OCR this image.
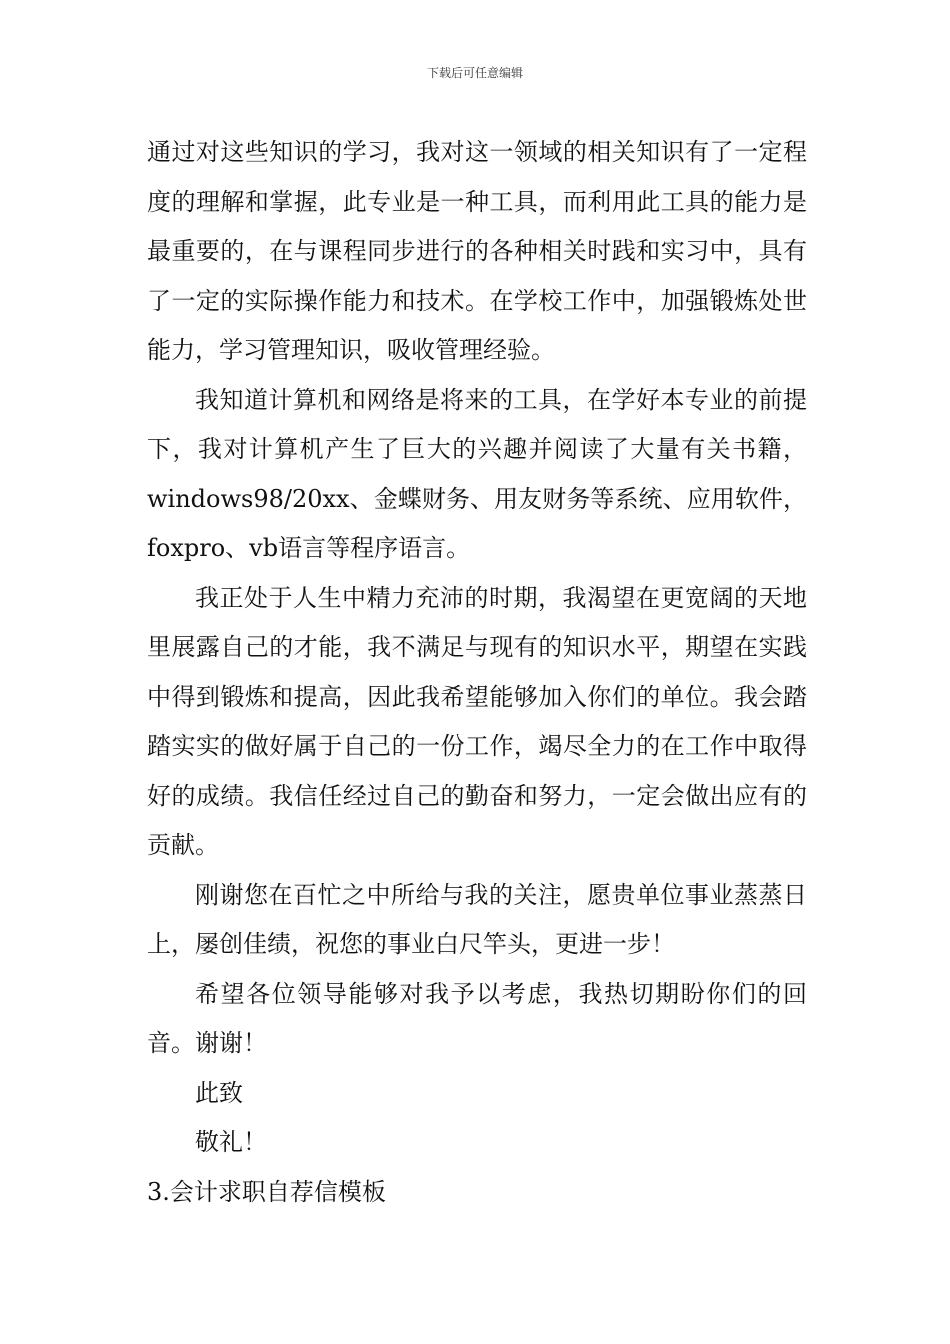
下载后可任意编辑

通过对这些知识的学习，我对这一领域的相关知识有了一定程度的理解和掌握，此专业是一种工具，而利用此工具的能力是最重要的，在与课程同步进行的各种相关时践和实习中，具有了一定的实际操作能力和技术。在学校工作中，加强锻炼处世能力，学习管理知识，吸收管理经验。

我知道计算机和网络是将来的工具，在学好本专业的前提下，我对计算机产生了巨大的兴趣并阅读了大量有关书籍，windows98/20xx、金蝶财务、用友财务等系统、应用软件，foxpro、vb语言等程序语言。

我正处于人生中精力充沛的时期，我渴望在更宽阔的天地里展露自己的才能，我不满足与现有的知识水平，期望在实践中得到锻炼和提高，因此我希望能够加入你们的单位。我会踏踏实实的做好属于自己的一份工作，竭尽全力的在工作中取得好的成绩。我信任经过自己的勤奋和努力，一定会做出应有的贡献。

刚谢您在百忙之中所给与我的关注，愿贵单位事业蒸蒸日上，屡创佳绩，祝您的事业白尺竿头，更进一步！

希望各位领导能够对我予以考虑，我热切期盼你们的回音。谢谢！

此致

敬礼！

3.会计求职自荐信模板
